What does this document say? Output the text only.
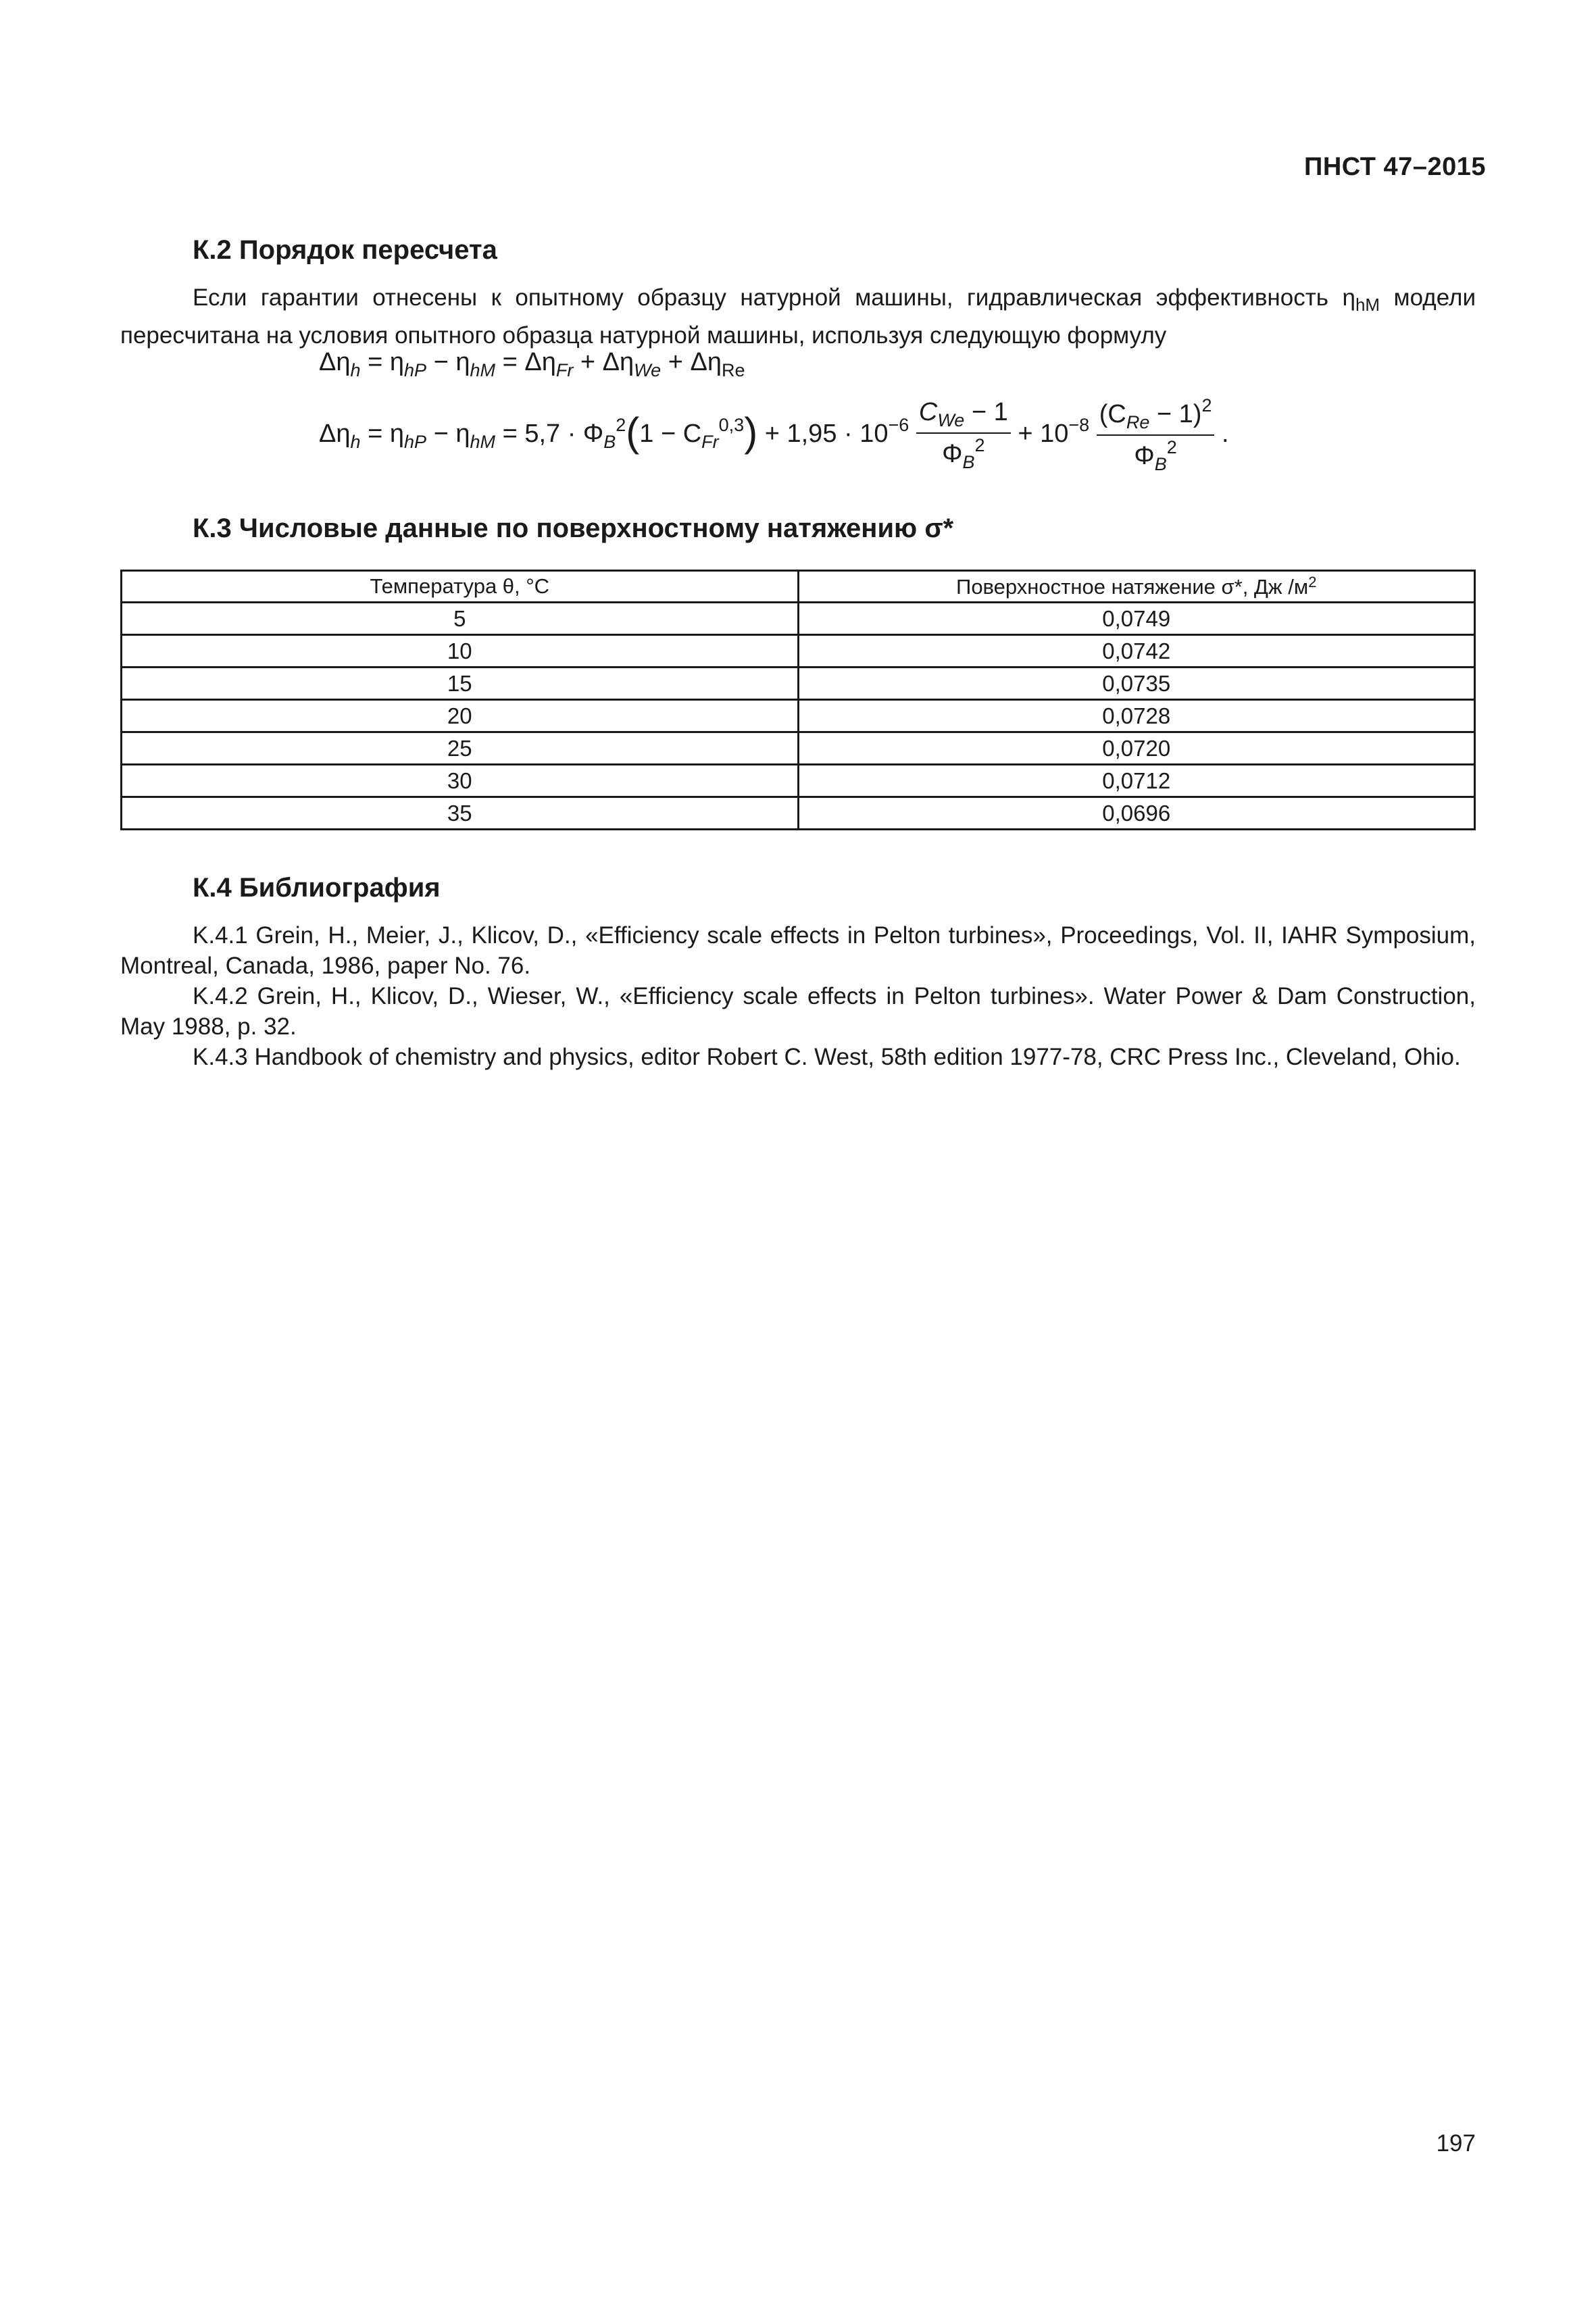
ПНСТ 47–2015
К.2 Порядок пересчета
Если гарантии отнесены к опытному образцу натурной машины, гидравлическая эффективность $\eta_{hM}$ модели пересчитана на условия опытного образца натурной машины, используя следующую формулу
$\Delta\eta_h = \eta_{hP} - \eta_{hM} = \Delta\eta_{Fr} + \Delta\eta_{We} + \Delta\eta_{Re}$
$\Delta\eta_h = \eta_{hP} - \eta_{hM} = 5,7 \cdot \Phi_B^2(1 - C_{Fr}^{0,3}) + 1,95 \cdot 10^{-6} \frac{C_{We} - 1}{\Phi_B^2} + 10^{-8} \frac{(C_{Re} - 1)^2}{\Phi_B^2}$ .
К.3 Числовые данные по поверхностному натяжению σ*
Температура θ, °С	Поверхностное натяжение σ*, Дж $/м^2$
5	0,0749
10	0,0742
15	0,0735
20	0,0728
25	0,0720
30	0,0712
35	0,0696
К.4 Библиография
K.4.1 Grein, H., Meier, J., Klicov, D., «Efficiency scale effects in Pelton turbines», Proceedings, Vol. II, IAHR Symposium, Montreal, Canada, 1986, paper No. 76.
K.4.2 Grein, H., Klicov, D., Wieser, W., «Efficiency scale effects in Pelton turbines». Water Power & Dam Construction, May 1988, p. 32.
K.4.3 Handbook of chemistry and physics, editor Robert C. West, 58th edition 1977-78, CRC Press Inc., Cleveland, Ohio.
197
